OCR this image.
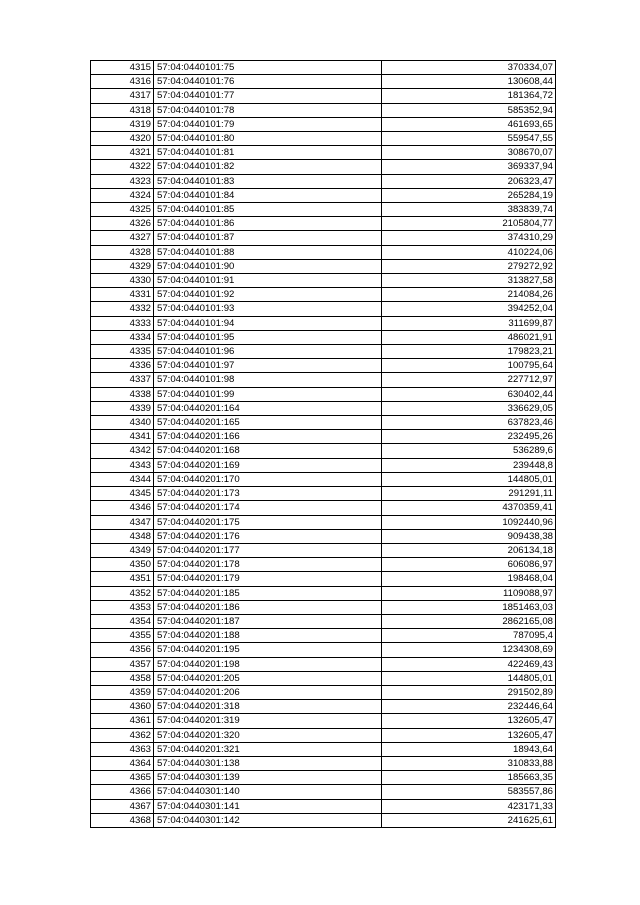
4315	57:04:0440101:75	370334,07
4316	57:04:0440101:76	130608,44
4317	57:04:0440101:77	181364,72
4318	57:04:0440101:78	585352,94
4319	57:04:0440101:79	461693,65
4320	57:04:0440101:80	559547,55
4321	57:04:0440101:81	308670,07
4322	57:04:0440101:82	369337,94
4323	57:04:0440101:83	206323,47
4324	57:04:0440101:84	265284,19
4325	57:04:0440101:85	383839,74
4326	57:04:0440101:86	2105804,77
4327	57:04:0440101:87	374310,29
4328	57:04:0440101:88	410224,06
4329	57:04:0440101:90	279272,92
4330	57:04:0440101:91	313827,58
4331	57:04:0440101:92	214084,26
4332	57:04:0440101:93	394252,04
4333	57:04:0440101:94	311699,87
4334	57:04:0440101:95	486021,91
4335	57:04:0440101:96	179823,21
4336	57:04:0440101:97	100795,64
4337	57:04:0440101:98	227712,97
4338	57:04:0440101:99	630402,44
4339	57:04:0440201:164	336629,05
4340	57:04:0440201:165	637823,46
4341	57:04:0440201:166	232495,26
4342	57:04:0440201:168	536289,6
4343	57:04:0440201:169	239448,8
4344	57:04:0440201:170	144805,01
4345	57:04:0440201:173	291291,11
4346	57:04:0440201:174	4370359,41
4347	57:04:0440201:175	1092440,96
4348	57:04:0440201:176	909438,38
4349	57:04:0440201:177	206134,18
4350	57:04:0440201:178	606086,97
4351	57:04:0440201:179	198468,04
4352	57:04:0440201:185	1109088,97
4353	57:04:0440201:186	1851463,03
4354	57:04:0440201:187	2862165,08
4355	57:04:0440201:188	787095,4
4356	57:04:0440201:195	1234308,69
4357	57:04:0440201:198	422469,43
4358	57:04:0440201:205	144805,01
4359	57:04:0440201:206	291502,89
4360	57:04:0440201:318	232446,64
4361	57:04:0440201:319	132605,47
4362	57:04:0440201:320	132605,47
4363	57:04:0440201:321	18943,64
4364	57:04:0440301:138	310833,88
4365	57:04:0440301:139	185663,35
4366	57:04:0440301:140	583557,86
4367	57:04:0440301:141	423171,33
4368	57:04:0440301:142	241625,61
